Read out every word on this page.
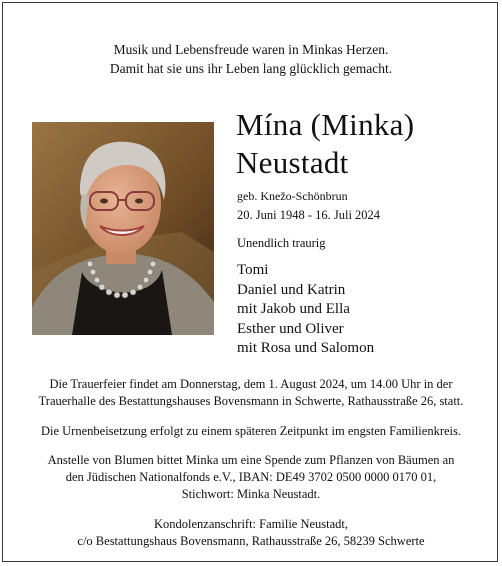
Musik und Lebensfreude waren in Minkas Herzen.
Damit hat sie uns ihr Leben lang glücklich gemacht.
Mína (Minka)
Neustadt
geb. Knežo-Schönbrun
20. Juni 1948 - 16. Juli 2024
Unendlich traurig
Tomi
Daniel und Katrin
mit Jakob und Ella
Esther und Oliver
mit Rosa und Salomon
Die Trauerfeier findet am Donnerstag, dem 1. August 2024, um 14.00 Uhr in der
Trauerhalle des Bestattungshauses Bovensmann in Schwerte, Rathausstraße 26, statt.
Die Urnenbeisetzung erfolgt zu einem späteren Zeitpunkt im engsten Familienkreis.
Anstelle von Blumen bittet Minka um eine Spende zum Pflanzen von Bäumen an
den Jüdischen Nationalfonds e.V., IBAN: DE49 3702 0500 0000 0170 01,
Stichwort: Minka Neustadt.
Kondolenzanschrift: Familie Neustadt,
c/o Bestattungshaus Bovensmann, Rathausstraße 26, 58239 Schwerte
